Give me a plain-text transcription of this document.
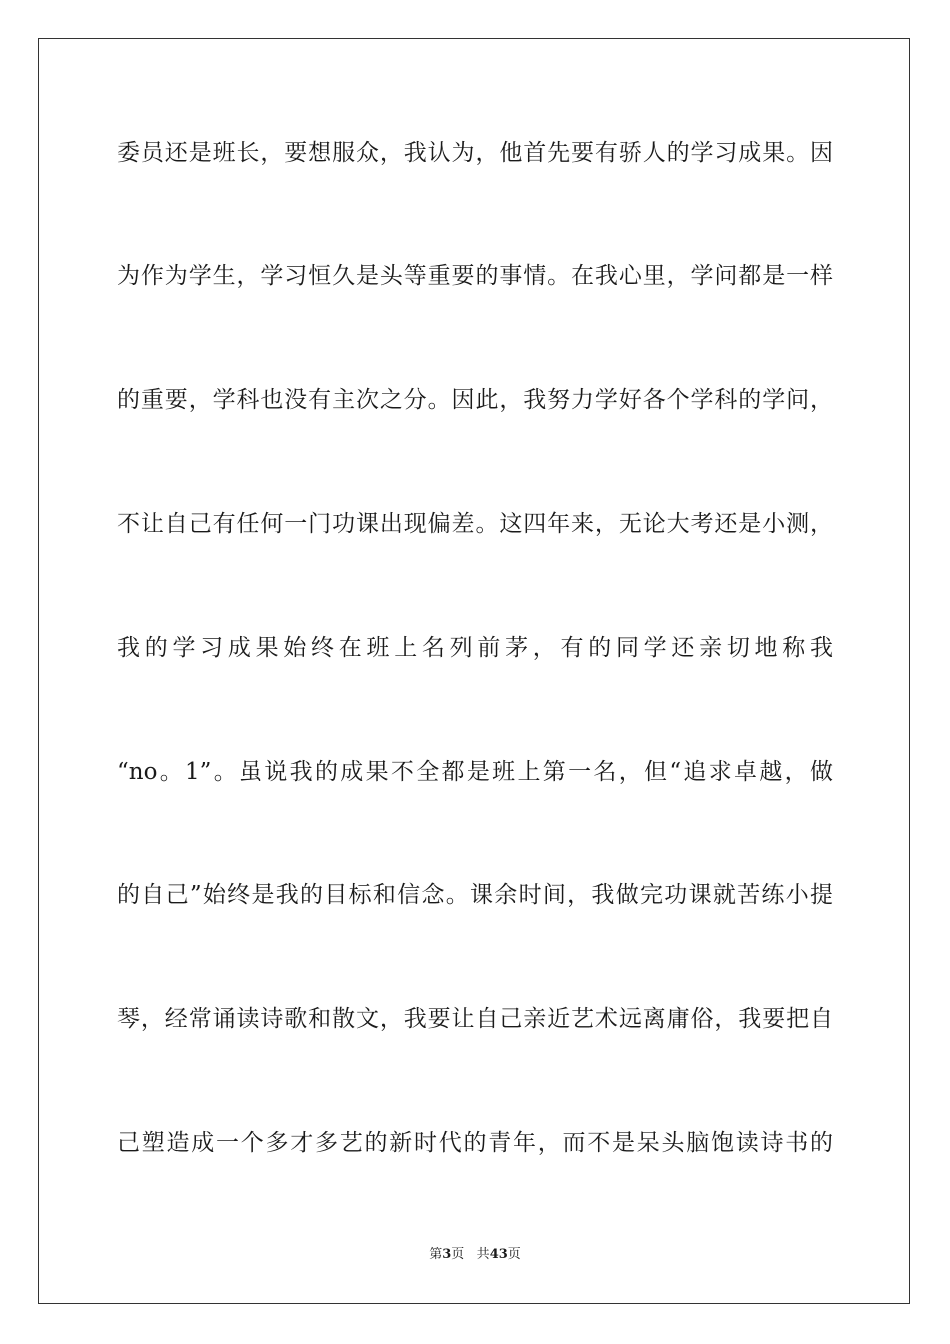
委员还是班长，要想服众，我认为，他首先要有骄人的学习成果。因
为作为学生，学习恒久是头等重要的事情。在我心里，学问都是一样
的重要，学科也没有主次之分。因此，我努力学好各个学科的学问，
不让自己有任何一门功课出现偏差。这四年来，无论大考还是小测，
我的学习成果始终在班上名列前茅，有的同学还亲切地称我
“no。1”。虽说我的成果不全都是班上第一名，但“追求卓越，做
的自己”始终是我的目标和信念。课余时间，我做完功课就苦练小提
琴，经常诵读诗歌和散文，我要让自己亲近艺术远离庸俗，我要把自
己塑造成一个多才多艺的新时代的青年，而不是呆头脑饱读诗书的
第3页 共43页
